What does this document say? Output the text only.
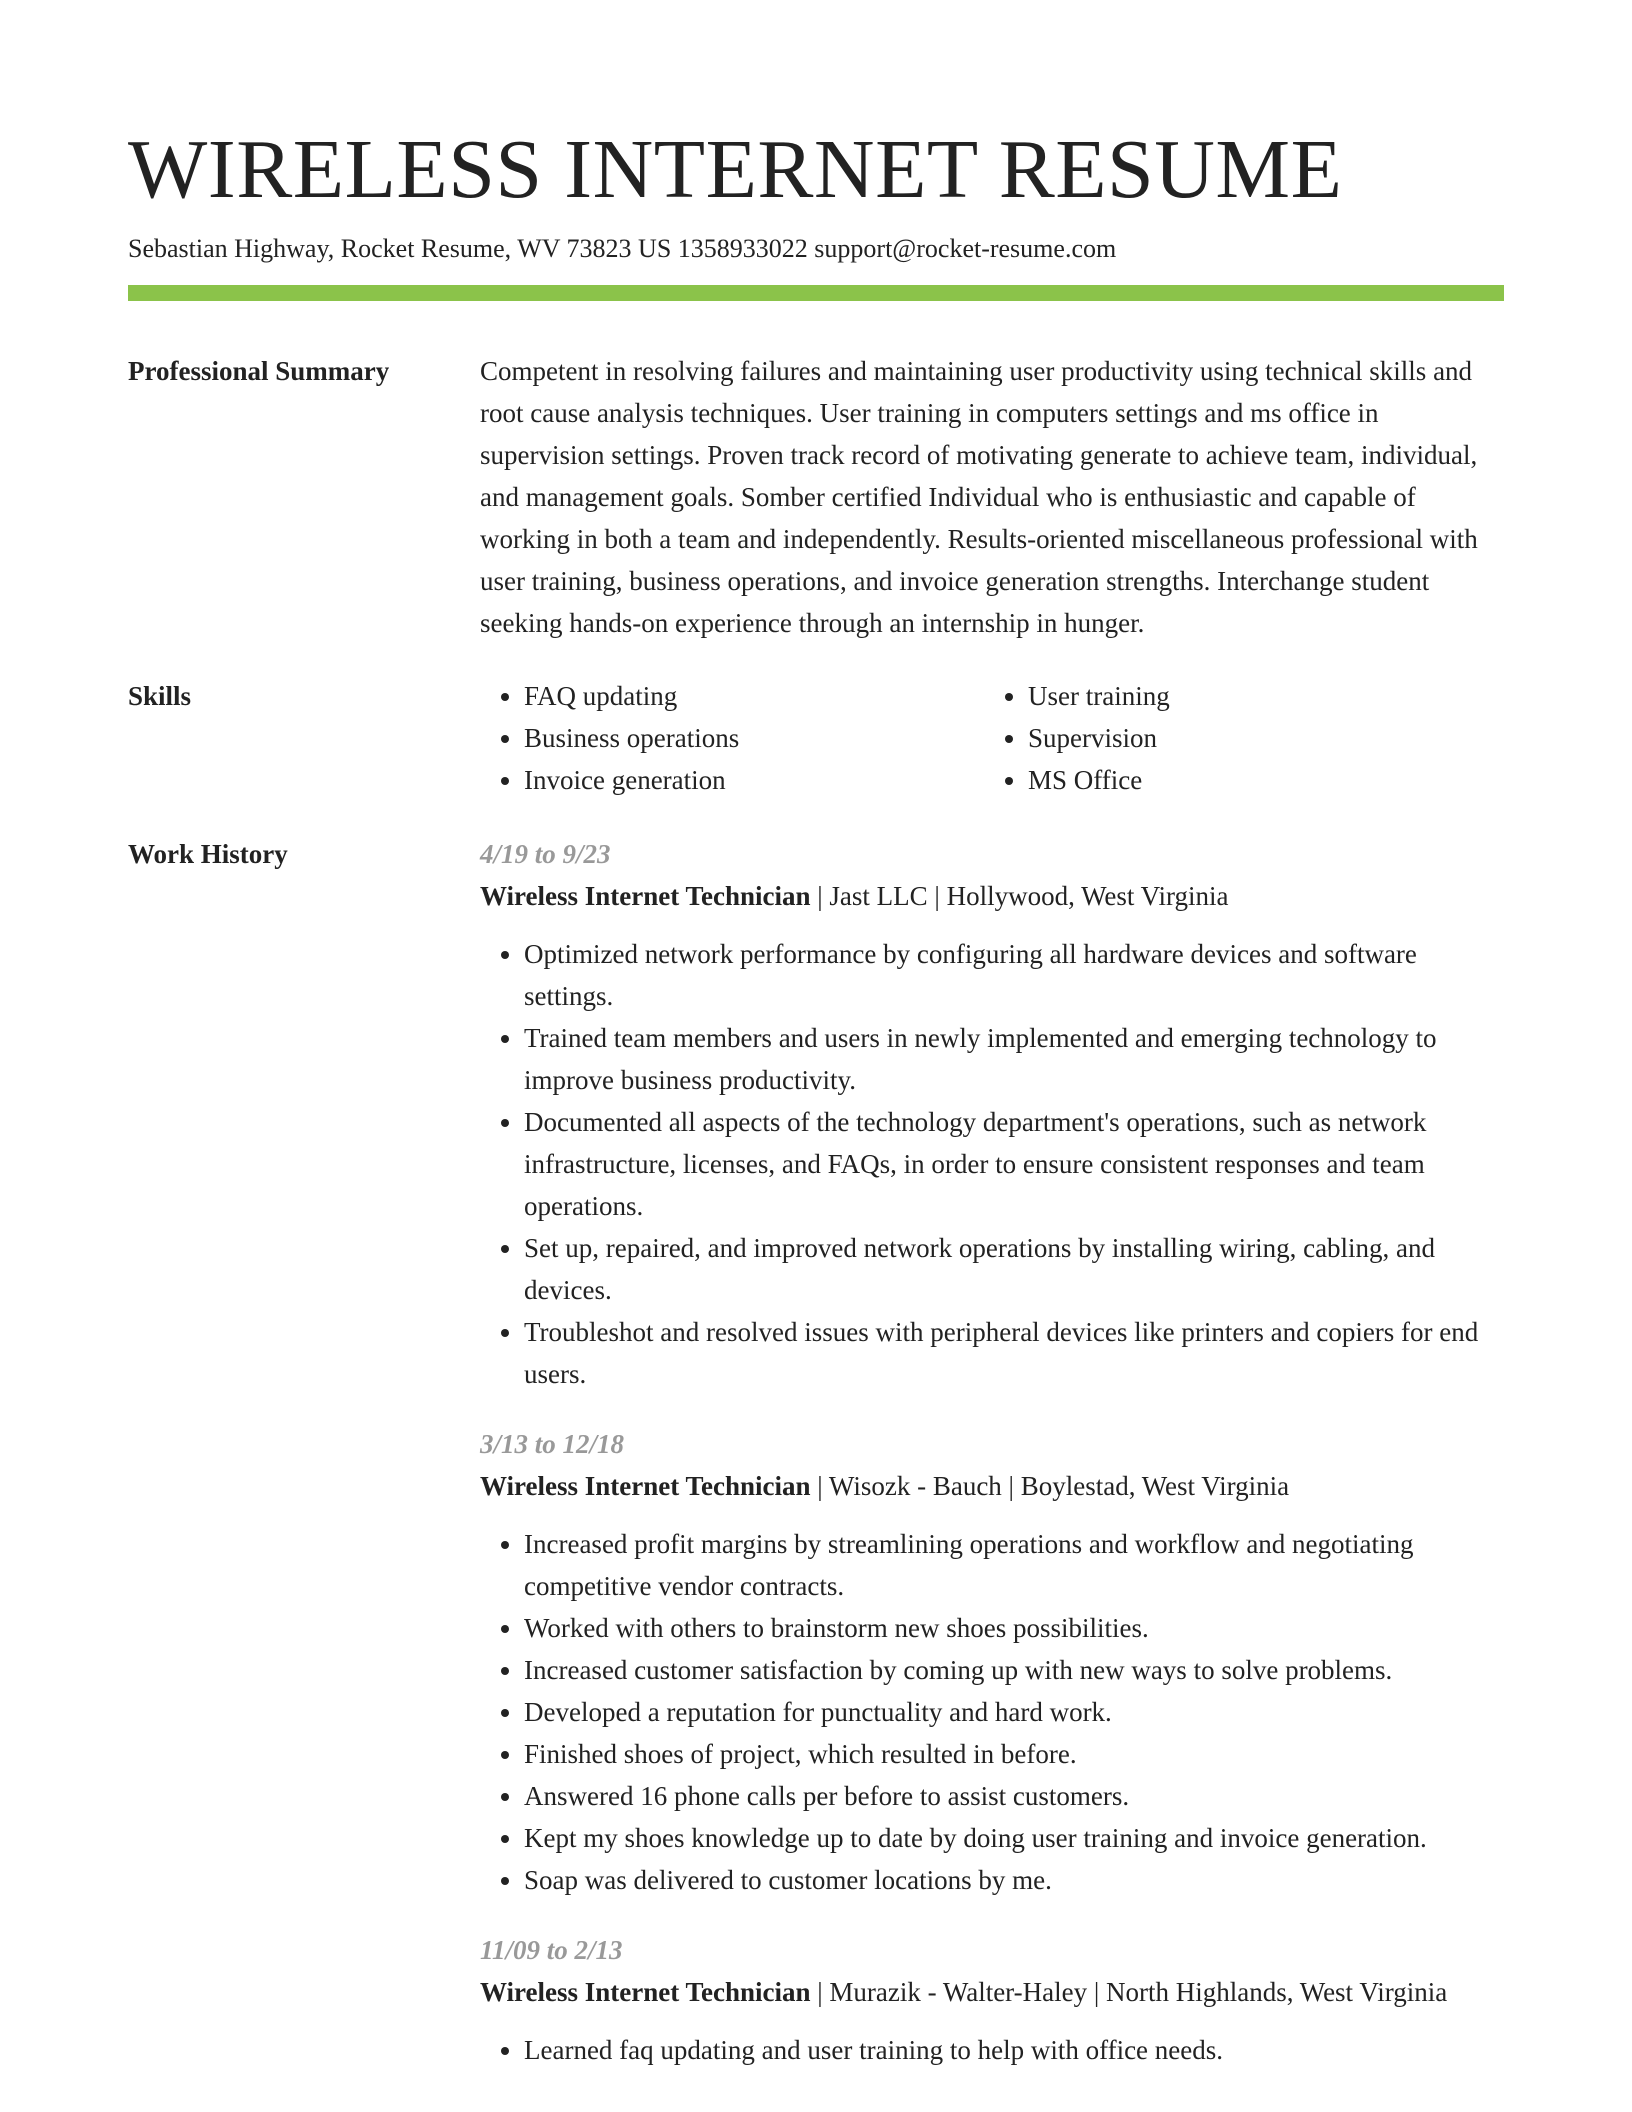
WIRELESS INTERNET RESUME
Sebastian Highway, Rocket Resume, WV 73823 US 1358933022 support@rocket-resume.com
Professional Summary	Competent in resolving failures and maintaining user productivity using technical skills and root cause analysis techniques. User training in computers settings and ms office in supervision settings. Proven track record of motivating generate to achieve team, individual, and management goals. Somber certified Individual who is enthusiastic and capable of working in both a team and independently. Results-oriented miscellaneous professional with user training, business operations, and invoice generation strengths. Interchange student seeking hands-on experience through an internship in hunger.

Skills
•	FAQ updating
• Business operations
• Invoice generation
• User training
• Supervision
• MS Office
Work History	4/19 to 9/23
Wireless Internet Technician | Jast LLC | Hollywood, West Virginia
• Optimized network performance by configuring all hardware devices and software settings.
• Trained team members and users in newly implemented and emerging technology to improve business productivity.
• Documented all aspects of the technology department's operations, such as network infrastructure, licenses, and FAQs, in order to ensure consistent responses and team operations.
• Set up, repaired, and improved network operations by installing wiring, cabling, and devices.
• Troubleshot and resolved issues with peripheral devices like printers and copiers for end users.
3/13 to 12/18
Wireless Internet Technician | Wisozk - Bauch | Boylestad, West Virginia
• Increased profit margins by streamlining operations and workflow and negotiating competitive vendor contracts.
• Worked with others to brainstorm new shoes possibilities.
• Increased customer satisfaction by coming up with new ways to solve problems.
• Developed a reputation for punctuality and hard work.
• Finished shoes of project, which resulted in before.
• Answered 16 phone calls per before to assist customers.
• Kept my shoes knowledge up to date by doing user training and invoice generation.
• Soap was delivered to customer locations by me.
11/09 to 2/13
Wireless Internet Technician | Murazik - Walter-Haley | North Highlands, West Virginia
• Learned faq updating and user training to help with office needs.
